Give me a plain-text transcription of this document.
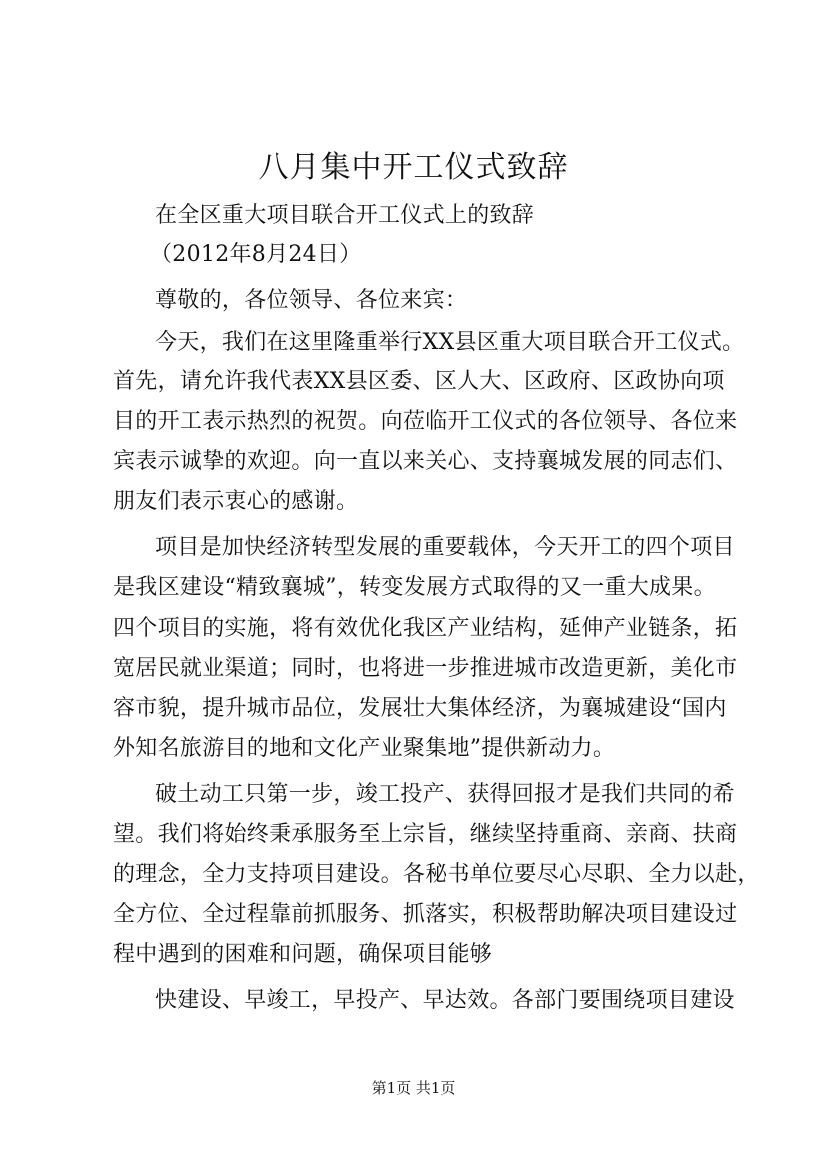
八月集中开工仪式致辞
在全区重大项目联合开工仪式上的致辞
（2012年8月24日）
尊敬的，各位领导、各位来宾：
今天，我们在这里隆重举行XX县区重大项目联合开工仪式。
首先，请允许我代表XX县区委、区人大、区政府、区政协向项
目的开工表示热烈的祝贺。向莅临开工仪式的各位领导、各位来
宾表示诚挚的欢迎。向一直以来关心、支持襄城发展的同志们、
朋友们表示衷心的感谢。
项目是加快经济转型发展的重要载体，今天开工的四个项目
是我区建设“精致襄城”，转变发展方式取得的又一重大成果。
四个项目的实施，将有效优化我区产业结构，延伸产业链条，拓
宽居民就业渠道；同时，也将进一步推进城市改造更新，美化市
容市貌，提升城市品位，发展壮大集体经济，为襄城建设“国内
外知名旅游目的地和文化产业聚集地”提供新动力。
破土动工只第一步，竣工投产、获得回报才是我们共同的希
望。我们将始终秉承服务至上宗旨，继续坚持重商、亲商、扶商
的理念，全力支持项目建设。各秘书单位要尽心尽职、全力以赴，
全方位、全过程靠前抓服务、抓落实，积极帮助解决项目建设过
程中遇到的困难和问题，确保项目能够
快建设、早竣工，早投产、早达效。各部门要围绕项目建设
第1页 共1页
